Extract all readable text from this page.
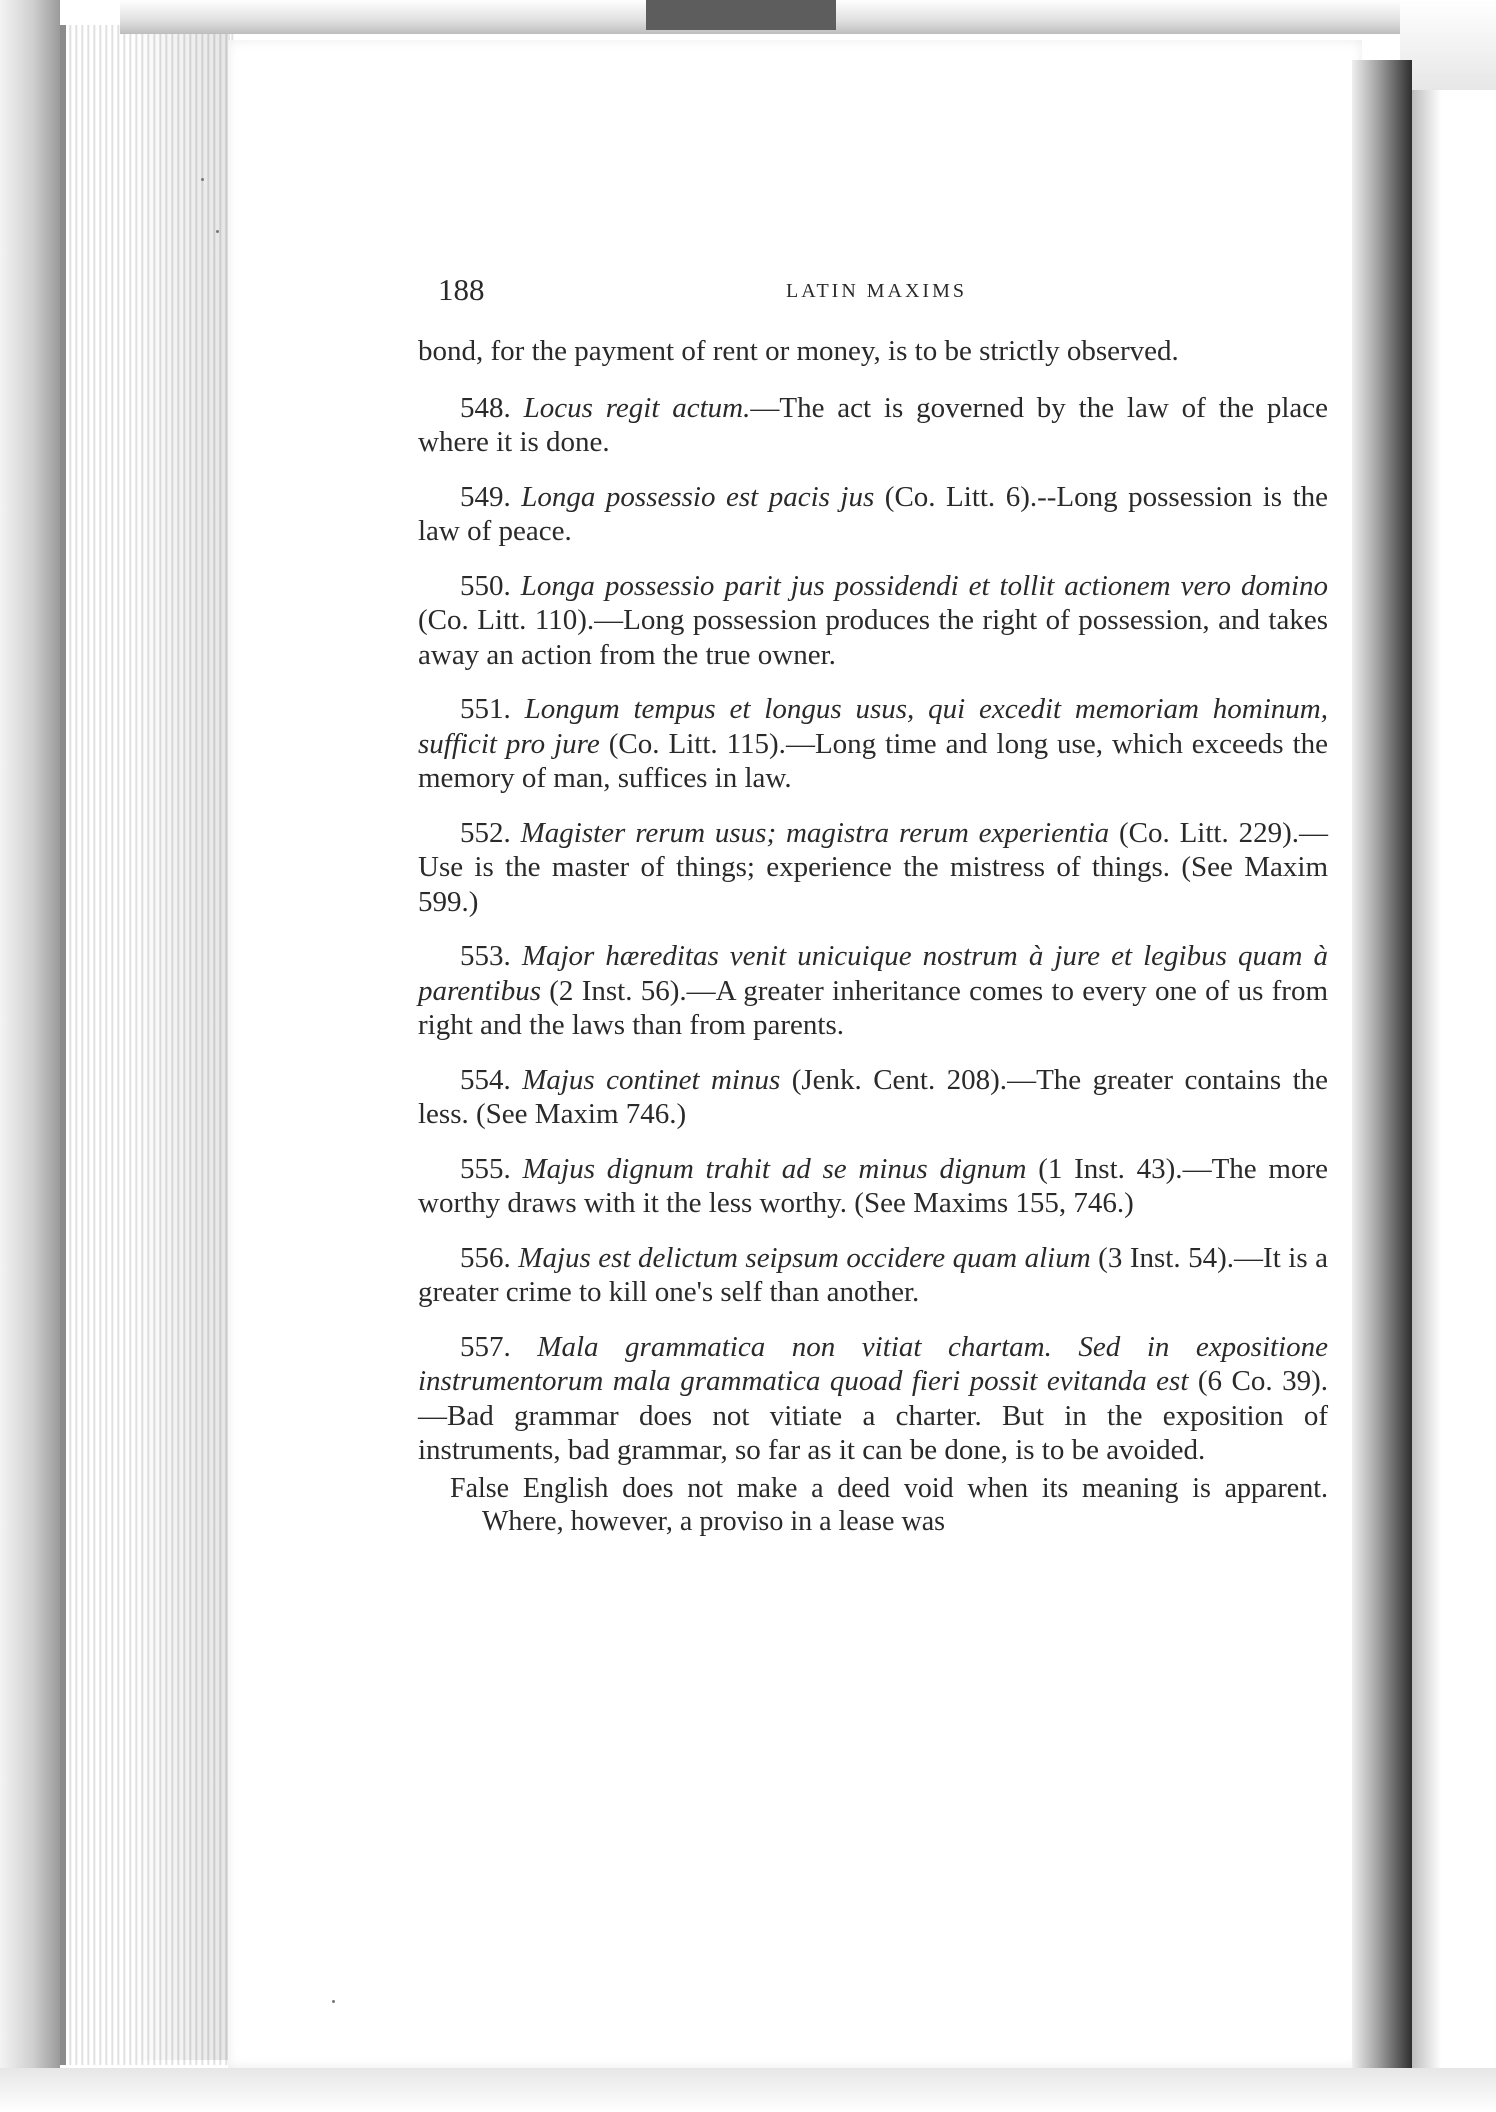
188	LATIN MAXIMS

bond, for the payment of rent or money, is to be strictly observed.

548. Locus regit actum.—The act is governed by the law of the place where it is done.

549. Longa possessio est pacis jus (Co. Litt. 6).--Long possession is the law of peace.

550. Longa possessio parit jus possidendi et tollit actionem vero domino (Co. Litt. 110).—Long possession produces the right of possession, and takes away an action from the true owner.

551. Longum tempus et longus usus, qui excedit memoriam hominum, sufficit pro jure (Co. Litt. 115).—Long time and long use, which exceeds the memory of man, suffices in law.

552. Magister rerum usus; magistra rerum experientia (Co. Litt. 229).—Use is the master of things; experience the mistress of things. (See Maxim 599.)

553. Major hæreditas venit unicuique nostrum à jure et legibus quam à parentibus (2 Inst. 56).—A greater inheritance comes to every one of us from right and the laws than from parents.

554. Majus continet minus (Jenk. Cent. 208).—The greater contains the less. (See Maxim 746.)

555. Majus dignum trahit ad se minus dignum (1 Inst. 43).—The more worthy draws with it the less worthy. (See Maxims 155, 746.)

556. Majus est delictum seipsum occidere quam alium (3 Inst. 54).—It is a greater crime to kill one's self than another.

557. Mala grammatica non vitiat chartam. Sed in expositione instrumentorum mala grammatica quoad fieri possit evitanda est (6 Co. 39).—Bad grammar does not vitiate a charter. But in the exposition of instruments, bad grammar, so far as it can be done, is to be avoided.

False English does not make a deed void when its meaning is apparent. Where, however, a proviso in a lease was
